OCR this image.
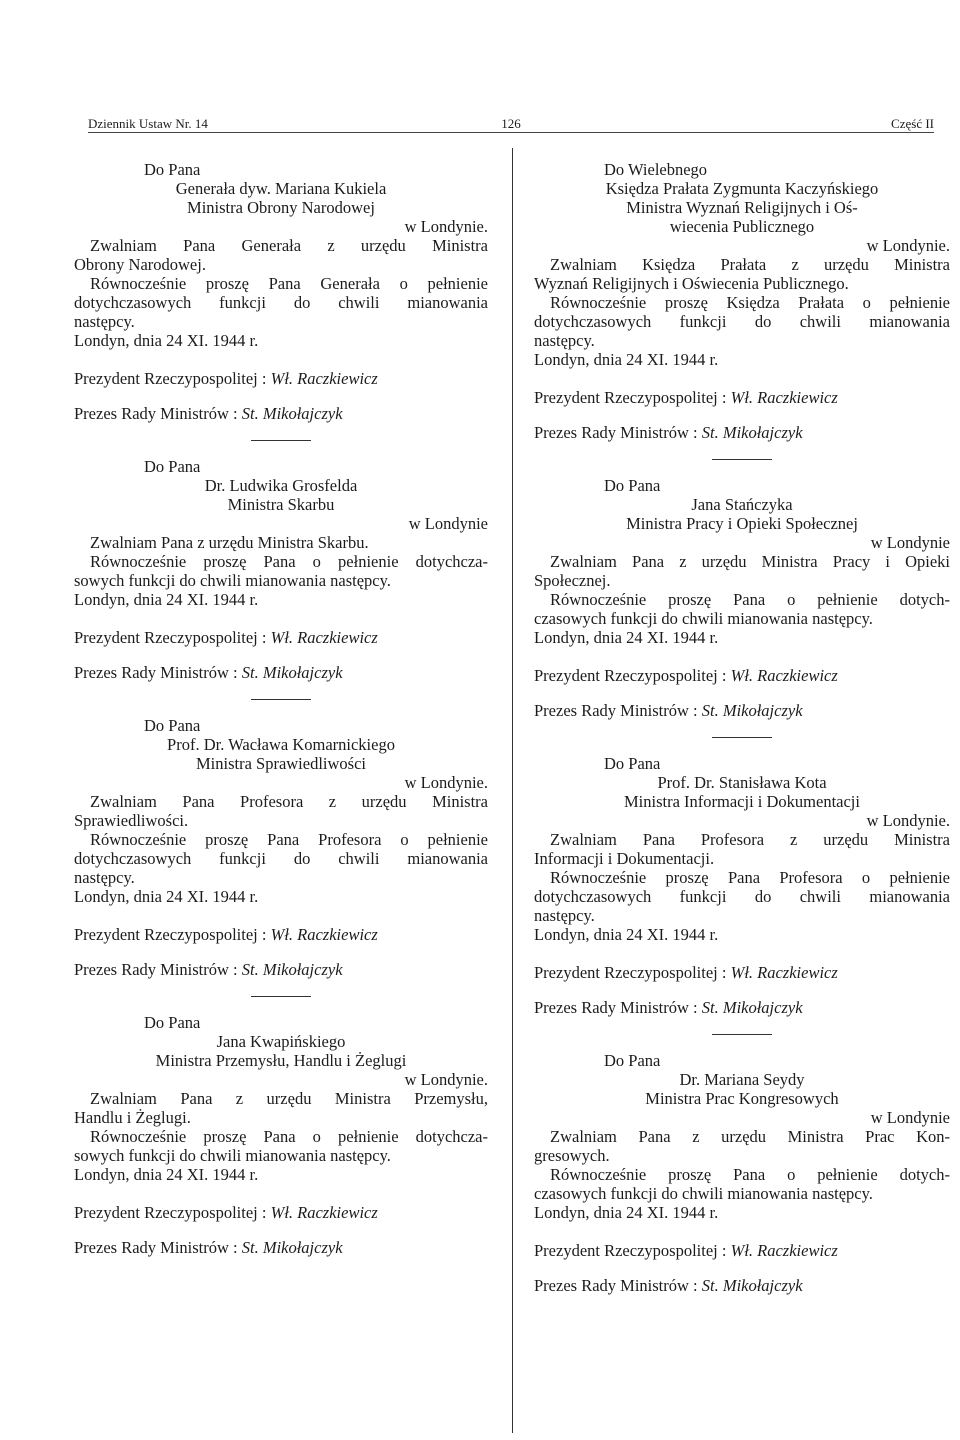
Dziennik Ustaw Nr. 14	126	Część II
Do Pana
Generała dyw. Mariana Kukiela
Ministra Obrony Narodowej
w Londynie.
Zwalniam Pana Generała z urzędu Ministra
Obrony Narodowej.
Równocześnie proszę Pana Generała o pełnienie
dotychczasowych funkcji do chwili mianowania
następcy.
Londyn, dnia 24 XI. 1944 r.
Prezydent Rzeczypospolitej : Wł. Raczkiewicz
Prezes Rady Ministrów : St. Mikołajczyk
Do Pana
Dr. Ludwika Grosfelda
Ministra Skarbu
w Londynie
Zwalniam Pana z urzędu Ministra Skarbu.
Równocześnie proszę Pana o pełnienie dotychcza-
sowych funkcji do chwili mianowania następcy.
Londyn, dnia 24 XI. 1944 r.
Prezydent Rzeczypospolitej : Wł. Raczkiewicz
Prezes Rady Ministrów : St. Mikołajczyk
Do Pana
Prof. Dr. Wacława Komarnickiego
Ministra Sprawiedliwości
w Londynie.
Zwalniam Pana Profesora z urzędu Ministra
Sprawiedliwości.
Równocześnie proszę Pana Profesora o pełnienie
dotychczasowych funkcji do chwili mianowania
następcy.
Londyn, dnia 24 XI. 1944 r.
Prezydent Rzeczypospolitej : Wł. Raczkiewicz
Prezes Rady Ministrów : St. Mikołajczyk
Do Pana
Jana Kwapińskiego
Ministra Przemysłu, Handlu i Żeglugi
w Londynie.
Zwalniam Pana z urzędu Ministra Przemysłu,
Handlu i Żeglugi.
Równocześnie proszę Pana o pełnienie dotychcza-
sowych funkcji do chwili mianowania następcy.
Londyn, dnia 24 XI. 1944 r.
Prezydent Rzeczypospolitej : Wł. Raczkiewicz
Prezes Rady Ministrów : St. Mikołajczyk
Do Wielebnego
Księdza Prałata Zygmunta Kaczyńskiego
Ministra Wyznań Religijnych i Oś-
wiecenia Publicznego
w Londynie.
Zwalniam Księdza Prałata z urzędu Ministra
Wyznań Religijnych i Oświecenia Publicznego.
Równocześnie proszę Księdza Prałata o pełnienie
dotychczasowych funkcji do chwili mianowania
następcy.
Londyn, dnia 24 XI. 1944 r.
Prezydent Rzeczypospolitej : Wł. Raczkiewicz
Prezes Rady Ministrów : St. Mikołajczyk
Do Pana
Jana Stańczyka
Ministra Pracy i Opieki Społecznej
w Londynie
Zwalniam Pana z urzędu Ministra Pracy i Opieki
Społecznej.
Równocześnie proszę Pana o pełnienie dotych-
czasowych funkcji do chwili mianowania następcy.
Londyn, dnia 24 XI. 1944 r.
Prezydent Rzeczypospolitej : Wł. Raczkiewicz
Prezes Rady Ministrów : St. Mikołajczyk
Do Pana
Prof. Dr. Stanisława Kota
Ministra Informacji i Dokumentacji
w Londynie.
Zwalniam Pana Profesora z urzędu Ministra
Informacji i Dokumentacji.
Równocześnie proszę Pana Profesora o pełnienie
dotychczasowych funkcji do chwili mianowania
następcy.
Londyn, dnia 24 XI. 1944 r.
Prezydent Rzeczypospolitej : Wł. Raczkiewicz
Prezes Rady Ministrów : St. Mikołajczyk
Do Pana
Dr. Mariana Seydy
Ministra Prac Kongresowych
w Londynie
Zwalniam Pana z urzędu Ministra Prac Kon-
gresowych.
Równocześnie proszę Pana o pełnienie dotych-
czasowych funkcji do chwili mianowania następcy.
Londyn, dnia 24 XI. 1944 r.
Prezydent Rzeczypospolitej : Wł. Raczkiewicz
Prezes Rady Ministrów : St. Mikołajczyk
